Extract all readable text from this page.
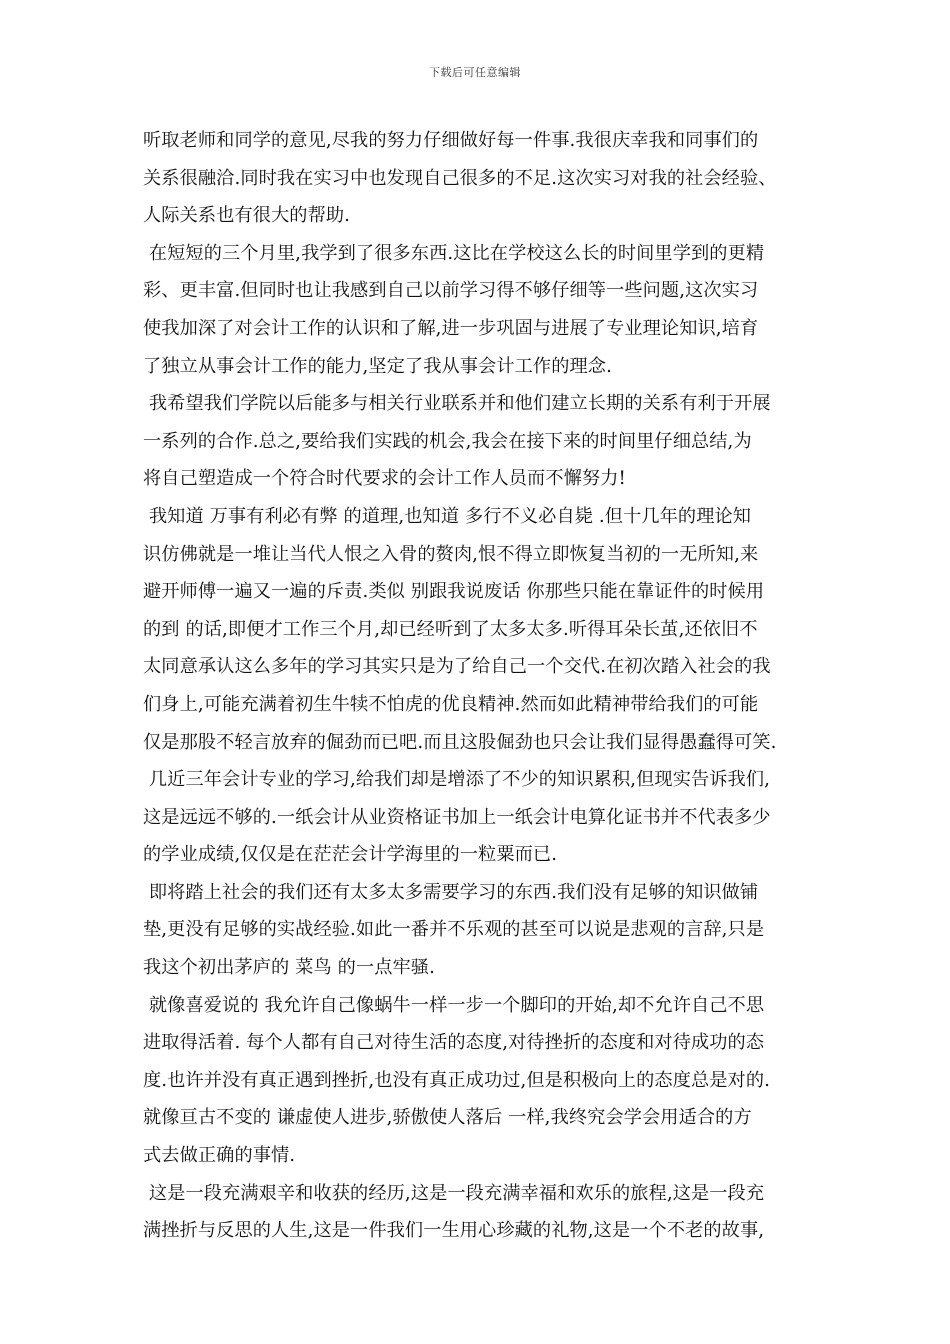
下载后可任意编辑
听取老师和同学的意见,尽我的努力仔细做好每一件事.我很庆幸我和同事们的
关系很融洽.同时我在实习中也发现自己很多的不足.这次实习对我的社会经验、
人际关系也有很大的帮助.
在短短的三个月里,我学到了很多东西.这比在学校这么长的时间里学到的更精
彩、更丰富.但同时也让我感到自己以前学习得不够仔细等一些问题,这次实习
使我加深了对会计工作的认识和了解,进一步巩固与进展了专业理论知识,培育
了独立从事会计工作的能力,坚定了我从事会计工作的理念.
我希望我们学院以后能多与相关行业联系并和他们建立长期的关系有利于开展
一系列的合作.总之,要给我们实践的机会,我会在接下来的时间里仔细总结,为
将自己塑造成一个符合时代要求的会计工作人员而不懈努力!
我知道 万事有利必有弊 的道理,也知道 多行不义必自毙 .但十几年的理论知
识仿佛就是一堆让当代人恨之入骨的赘肉,恨不得立即恢复当初的一无所知,来
避开师傅一遍又一遍的斥责.类似 别跟我说废话 你那些只能在靠证件的时候用
的到 的话,即便才工作三个月,却已经听到了太多太多.听得耳朵长茧,还依旧不
太同意承认这么多年的学习其实只是为了给自己一个交代.在初次踏入社会的我
们身上,可能充满着初生牛犊不怕虎的优良精神.然而如此精神带给我们的可能
仅是那股不轻言放弃的倔劲而已吧.而且这股倔劲也只会让我们显得愚蠢得可笑.
几近三年会计专业的学习,给我们却是增添了不少的知识累积,但现实告诉我们,
这是远远不够的.一纸会计从业资格证书加上一纸会计电算化证书并不代表多少
的学业成绩,仅仅是在茫茫会计学海里的一粒粟而已.
即将踏上社会的我们还有太多太多需要学习的东西.我们没有足够的知识做铺
垫,更没有足够的实战经验.如此一番并不乐观的甚至可以说是悲观的言辞,只是
我这个初出茅庐的 菜鸟 的一点牢骚.
就像喜爱说的 我允许自己像蜗牛一样一步一个脚印的开始,却不允许自己不思
进取得活着. 每个人都有自己对待生活的态度,对待挫折的态度和对待成功的态
度.也许并没有真正遇到挫折,也没有真正成功过,但是积极向上的态度总是对的.
就像亘古不变的 谦虚使人进步,骄傲使人落后 一样,我终究会学会用适合的方
式去做正确的事情.
这是一段充满艰辛和收获的经历,这是一段充满幸福和欢乐的旅程,这是一段充
满挫折与反思的人生,这是一件我们一生用心珍藏的礼物,这是一个不老的故事,
